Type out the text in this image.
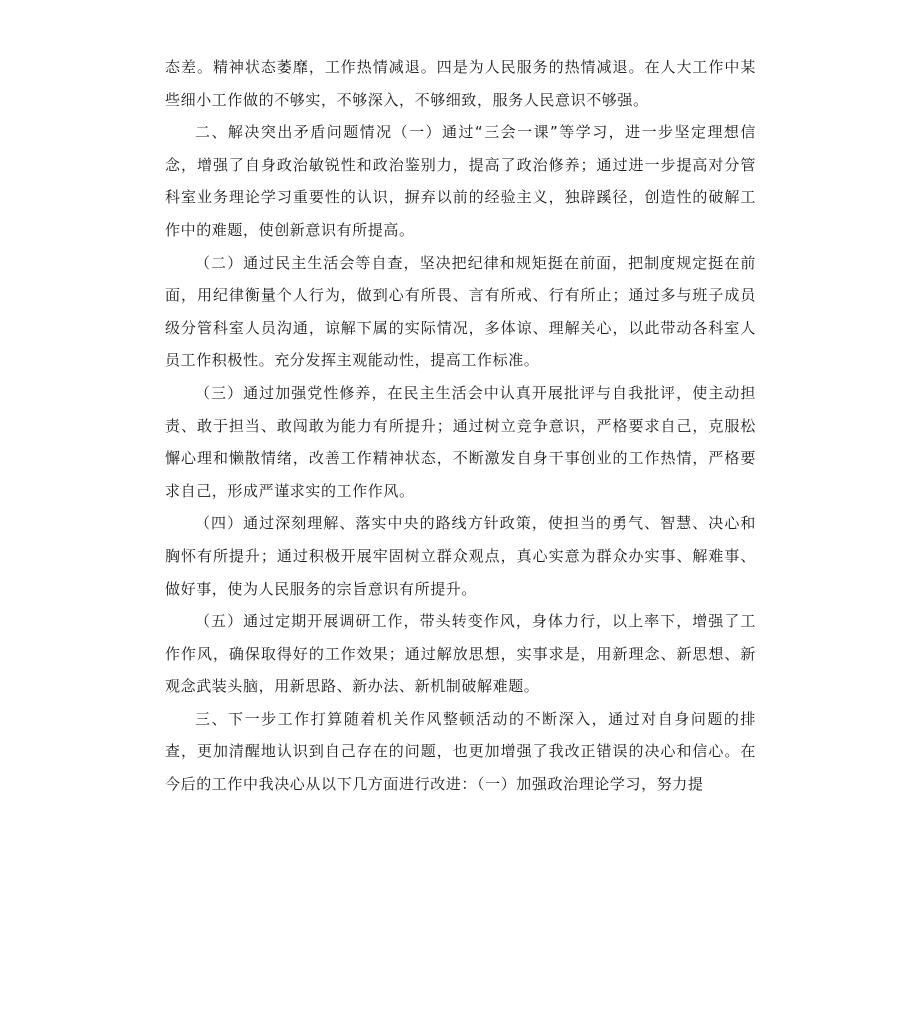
态差。精神状态萎靡，工作热情减退。四是为人民服务的热情减退。在人大工作中某些细小工作做的不够实，不够深入，不够细致，服务人民意识不够强。

二、解决突出矛盾问题情况（一）通过“三会一课”等学习，进一步坚定理想信念，增强了自身政治敏锐性和政治鉴别力，提高了政治修养；通过进一步提高对分管科室业务理论学习重要性的认识，摒弃以前的经验主义，独辟蹊径，创造性的破解工作中的难题，使创新意识有所提高。

（二）通过民主生活会等自查，坚决把纪律和规矩挺在前面，把制度规定挺在前面，用纪律衡量个人行为，做到心有所畏、言有所戒、行有所止；通过多与班子成员级分管科室人员沟通，谅解下属的实际情况，多体谅、理解关心，以此带动各科室人员工作积极性。充分发挥主观能动性，提高工作标准。

（三）通过加强党性修养，在民主生活会中认真开展批评与自我批评，使主动担责、敢于担当、敢闯敢为能力有所提升；通过树立竞争意识，严格要求自己，克服松懈心理和懒散情绪，改善工作精神状态，不断激发自身干事创业的工作热情，严格要求自己，形成严谨求实的工作作风。

（四）通过深刻理解、落实中央的路线方针政策，使担当的勇气、智慧、决心和胸怀有所提升；通过积极开展牢固树立群众观点，真心实意为群众办实事、解难事、做好事，使为人民服务的宗旨意识有所提升。

（五）通过定期开展调研工作，带头转变作风，身体力行，以上率下，增强了工作作风，确保取得好的工作效果；通过解放思想，实事求是，用新理念、新思想、新观念武装头脑，用新思路、新办法、新机制破解难题。

三、下一步工作打算随着机关作风整顿活动的不断深入，通过对自身问题的排查，更加清醒地认识到自己存在的问题，也更加增强了我改正错误的决心和信心。在今后的工作中我决心从以下几方面进行改进：（一）加强政治理论学习，努力提
